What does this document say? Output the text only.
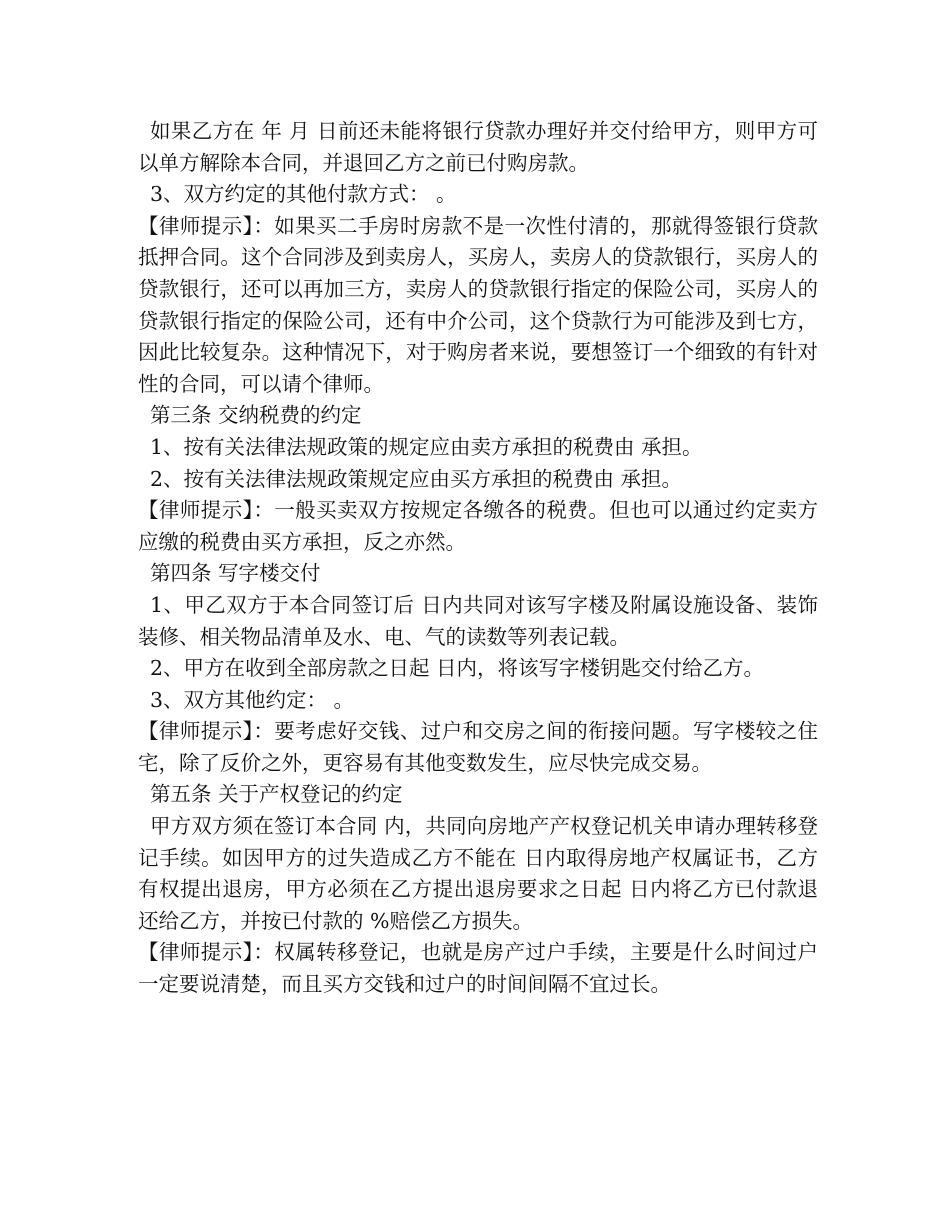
如果乙方在 年 月 日前还未能将银行贷款办理好并交付给甲方，则甲方可以单方解除本合同，并退回乙方之前已付购房款。

3、双方约定的其他付款方式： 。

【律师提示】：如果买二手房时房款不是一次性付清的，那就得签银行贷款抵押合同。这个合同涉及到卖房人，买房人，卖房人的贷款银行，买房人的贷款银行，还可以再加三方，卖房人的贷款银行指定的保险公司，买房人的贷款银行指定的保险公司，还有中介公司，这个贷款行为可能涉及到七方，因此比较复杂。这种情况下，对于购房者来说，要想签订一个细致的有针对性的合同，可以请个律师。

第三条 交纳税费的约定

1、按有关法律法规政策的规定应由卖方承担的税费由 承担。

2、按有关法律法规政策规定应由买方承担的税费由 承担。

【律师提示】：一般买卖双方按规定各缴各的税费。但也可以通过约定卖方应缴的税费由买方承担，反之亦然。

第四条 写字楼交付

1、甲乙双方于本合同签订后 日内共同对该写字楼及附属设施设备、装饰装修、相关物品清单及水、电、气的读数等列表记载。

2、甲方在收到全部房款之日起 日内，将该写字楼钥匙交付给乙方。

3、双方其他约定： 。

【律师提示】：要考虑好交钱、过户和交房之间的衔接问题。写字楼较之住宅，除了反价之外，更容易有其他变数发生，应尽快完成交易。

第五条 关于产权登记的约定

甲方双方须在签订本合同 内，共同向房地产产权登记机关申请办理转移登记手续。如因甲方的过失造成乙方不能在 日内取得房地产权属证书，乙方有权提出退房，甲方必须在乙方提出退房要求之日起 日内将乙方已付款退还给乙方，并按已付款的 %赔偿乙方损失。

【律师提示】：权属转移登记，也就是房产过户手续，主要是什么时间过户一定要说清楚，而且买方交钱和过户的时间间隔不宜过长。
